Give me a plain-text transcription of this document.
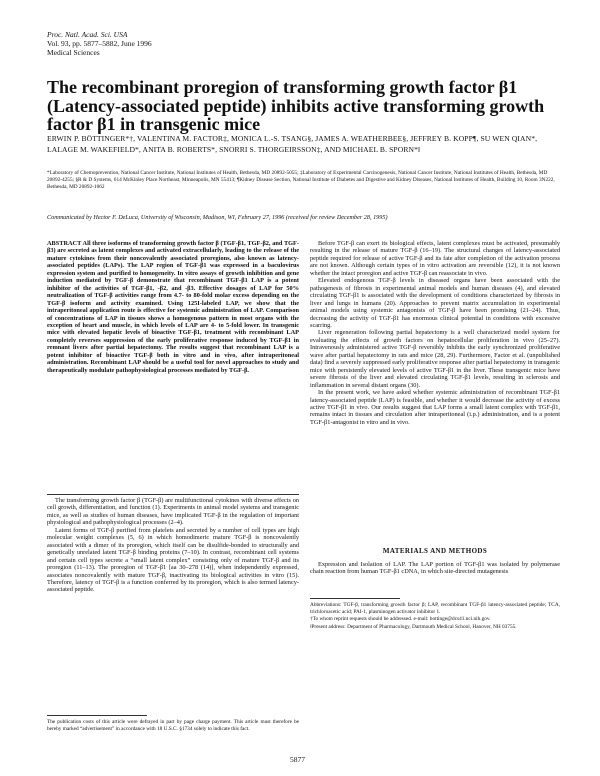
Proc. Natl. Acad. Sci. USA
Vol. 93, pp. 5877–5882, June 1996
Medical Sciences
The recombinant proregion of transforming growth factor β1 (Latency-associated peptide) inhibits active transforming growth factor β1 in transgenic mice
ERWIN P. BÖTTINGER*†, VALENTINA M. FACTOR‡, MONICA L.-S. TSANG§, JAMES A. WEATHERBEE§, JEFFREY B. KOPP¶, SU WEN QIAN*, LALAGE M. WAKEFIELD*, ANITA B. ROBERTS*, SNORRI S. THORGEIRSSON‡, AND MICHAEL B. SPORN*‖
*Laboratory of Chemoprevention, National Cancer Institute, National Institutes of Health, Bethesda, MD 20892-5055; ‡Laboratory of Experimental Carcinogenesis, National Cancer Institute, National Institutes of Health, Bethesda, MD 20892-4255; §R & D Systems, 614 McKinley Place Northeast, Minneapolis, MN 55413; ¶Kidney Disease Section, National Institute of Diabetes and Digestive and Kidney Diseases, National Institutes of Health, Building 10, Room 3N222, Bethesda, MD 20892-1062
Communicated by Hector F. DeLuca, University of Wisconsin, Madison, WI, February 27, 1996 (received for review December 28, 1995)

ABSTRACT All three isoforms of transforming growth factor β (TGF-β1, TGF-β2, and TGF-β3) are secreted as latent complexes and activated extracellularly, leading to the release of the mature cytokines from their noncovalently associated proregions, also known as latency-associated peptides (LAPs). The LAP region of TGF-β1 was expressed in a baculovirus expression system and purified to homogeneity. In vitro assays of growth inhibition and gene induction mediated by TGF-β demonstrate that recombinant TGF-β1 LAP is a potent inhibitor of the activities of TGF-β1, -β2, and -β3. Effective dosages of LAP for 50% neutralization of TGF-β activities range from 4.7- to 80-fold molar excess depending on the TGF-β isoform and activity examined. Using 125I-labeled LAP, we show that the intraperitoneal application route is effective for systemic administration of LAP. Comparison of concentrations of LAP in tissues shows a homogenous pattern in most organs with the exception of heart and muscle, in which levels of LAP are 4- to 5-fold lower. In transgenic mice with elevated hepatic levels of bioactive TGF-β1, treatment with recombinant LAP completely reverses suppression of the early proliferative response induced by TGF-β1 in remnant livers after partial hepatectomy. The results suggest that recombinant LAP is a potent inhibitor of bioactive TGF-β both in vitro and in vivo, after intraperitoneal administration. Recombinant LAP should be a useful tool for novel approaches to study and therapeutically modulate pathophysiological processes mediated by TGF-β.

The transforming growth factor β (TGF-β) are multifunctional cytokines with diverse effects on cell growth, differentiation, and function (1). Experiments in animal model systems and transgenic mice, as well as studies of human diseases, have implicated TGF-β in the regulation of important physiological and pathophysiological processes (2–4).

Latent forms of TGF-β purified from platelets and secreted by a number of cell types are high molecular weight complexes (5, 6) in which homodimeric mature TGF-β is noncovalently associated with a dimer of its proregion, which itself can be disulfide-bonded to structurally and genetically unrelated latent TGF-β binding proteins (7–10). In contrast, recombinant cell systems and certain cell types secrete a “small latent complex” consisting only of mature TGF-β and its proregion (11–13). The proregion of TGF-β1 [aa 30–278 (14)], when independently expressed, associates noncovalently with mature TGF-β, inactivating its biological activities in vitro (15). Therefore, latency of TGF-β is a function conferred by its proregion, which is also termed latency-associated peptide.

The publication costs of this article were defrayed in part by page charge payment. This article must therefore be hereby marked “advertisement” in accordance with 18 U.S.C. §1734 solely to indicate this fact.

Before TGF-β can exert its biological effects, latent complexes must be activated, presumably resulting in the release of mature TGF-β (16–19). The structural changes of latency-associated peptide required for release of active TGF-β and its fate after completion of the activation process are not known. Although certain types of in vitro activation are reversible (12), it is not known whether the intact proregion and active TGF-β can reassociate in vivo.

Elevated endogenous TGF-β levels in diseased organs have been associated with the pathogenesis of fibrosis in experimental animal models and human diseases (4), and elevated circulating TGF-β1 is associated with the development of conditions characterized by fibrosis in liver and lungs in humans (20). Approaches to prevent matrix accumulation in experimental animal models using systemic antagonists of TGF-β have been promising (21–24). Thus, decreasing the activity of TGF-β1 has enormous clinical potential in conditions with excessive scarring.

Liver regeneration following partial hepatectomy is a well characterized model system for evaluating the effects of growth factors on hepatocellular proliferation in vivo (25–27). Intravenously administered active TGF-β reversibly inhibits the early synchronized proliferative wave after partial hepatectomy in rats and mice (28, 29). Furthermore, Factor et al. (unpublished data) find a severely suppressed early proliferative response after partial hepatectomy in transgenic mice with persistently elevated levels of active TGF-β1 in the liver. These transgenic mice have severe fibrosis of the liver and elevated circulating TGF-β1 levels, resulting in sclerosis and inflammation in several distant organs (30).

In the present work, we have asked whether systemic administration of recombinant TGF-β1 latency-associated peptide (LAP) is feasible, and whether it would decrease the activity of excess active TGF-β1 in vivo. Our results suggest that LAP forms a small latent complex with TGF-β1, remains intact in tissues and circulation after intraperitoneal (i.p.) administration, and is a potent TGF-β1-antagonist in vitro and in vivo.

MATERIALS AND METHODS

Expression and Isolation of LAP. The LAP portion of TGF-β1 was isolated by polymerase chain reaction from human TGF-β1 cDNA, in which site-directed mutagenesis

Abbreviations: TGF-β, transforming growth factor β; LAP, recombinant TGF-β1 latency-associated peptide; TCA, trichloroacetic acid; PAI-1, plasminogen activator inhibitor 1.

†To whom reprint requests should be addressed. e-mail: bottinge@dcs41.nci.nih.gov.

‖Present address: Department of Pharmacology, Dartmouth Medical School, Hanover, NH 03755.

5877
